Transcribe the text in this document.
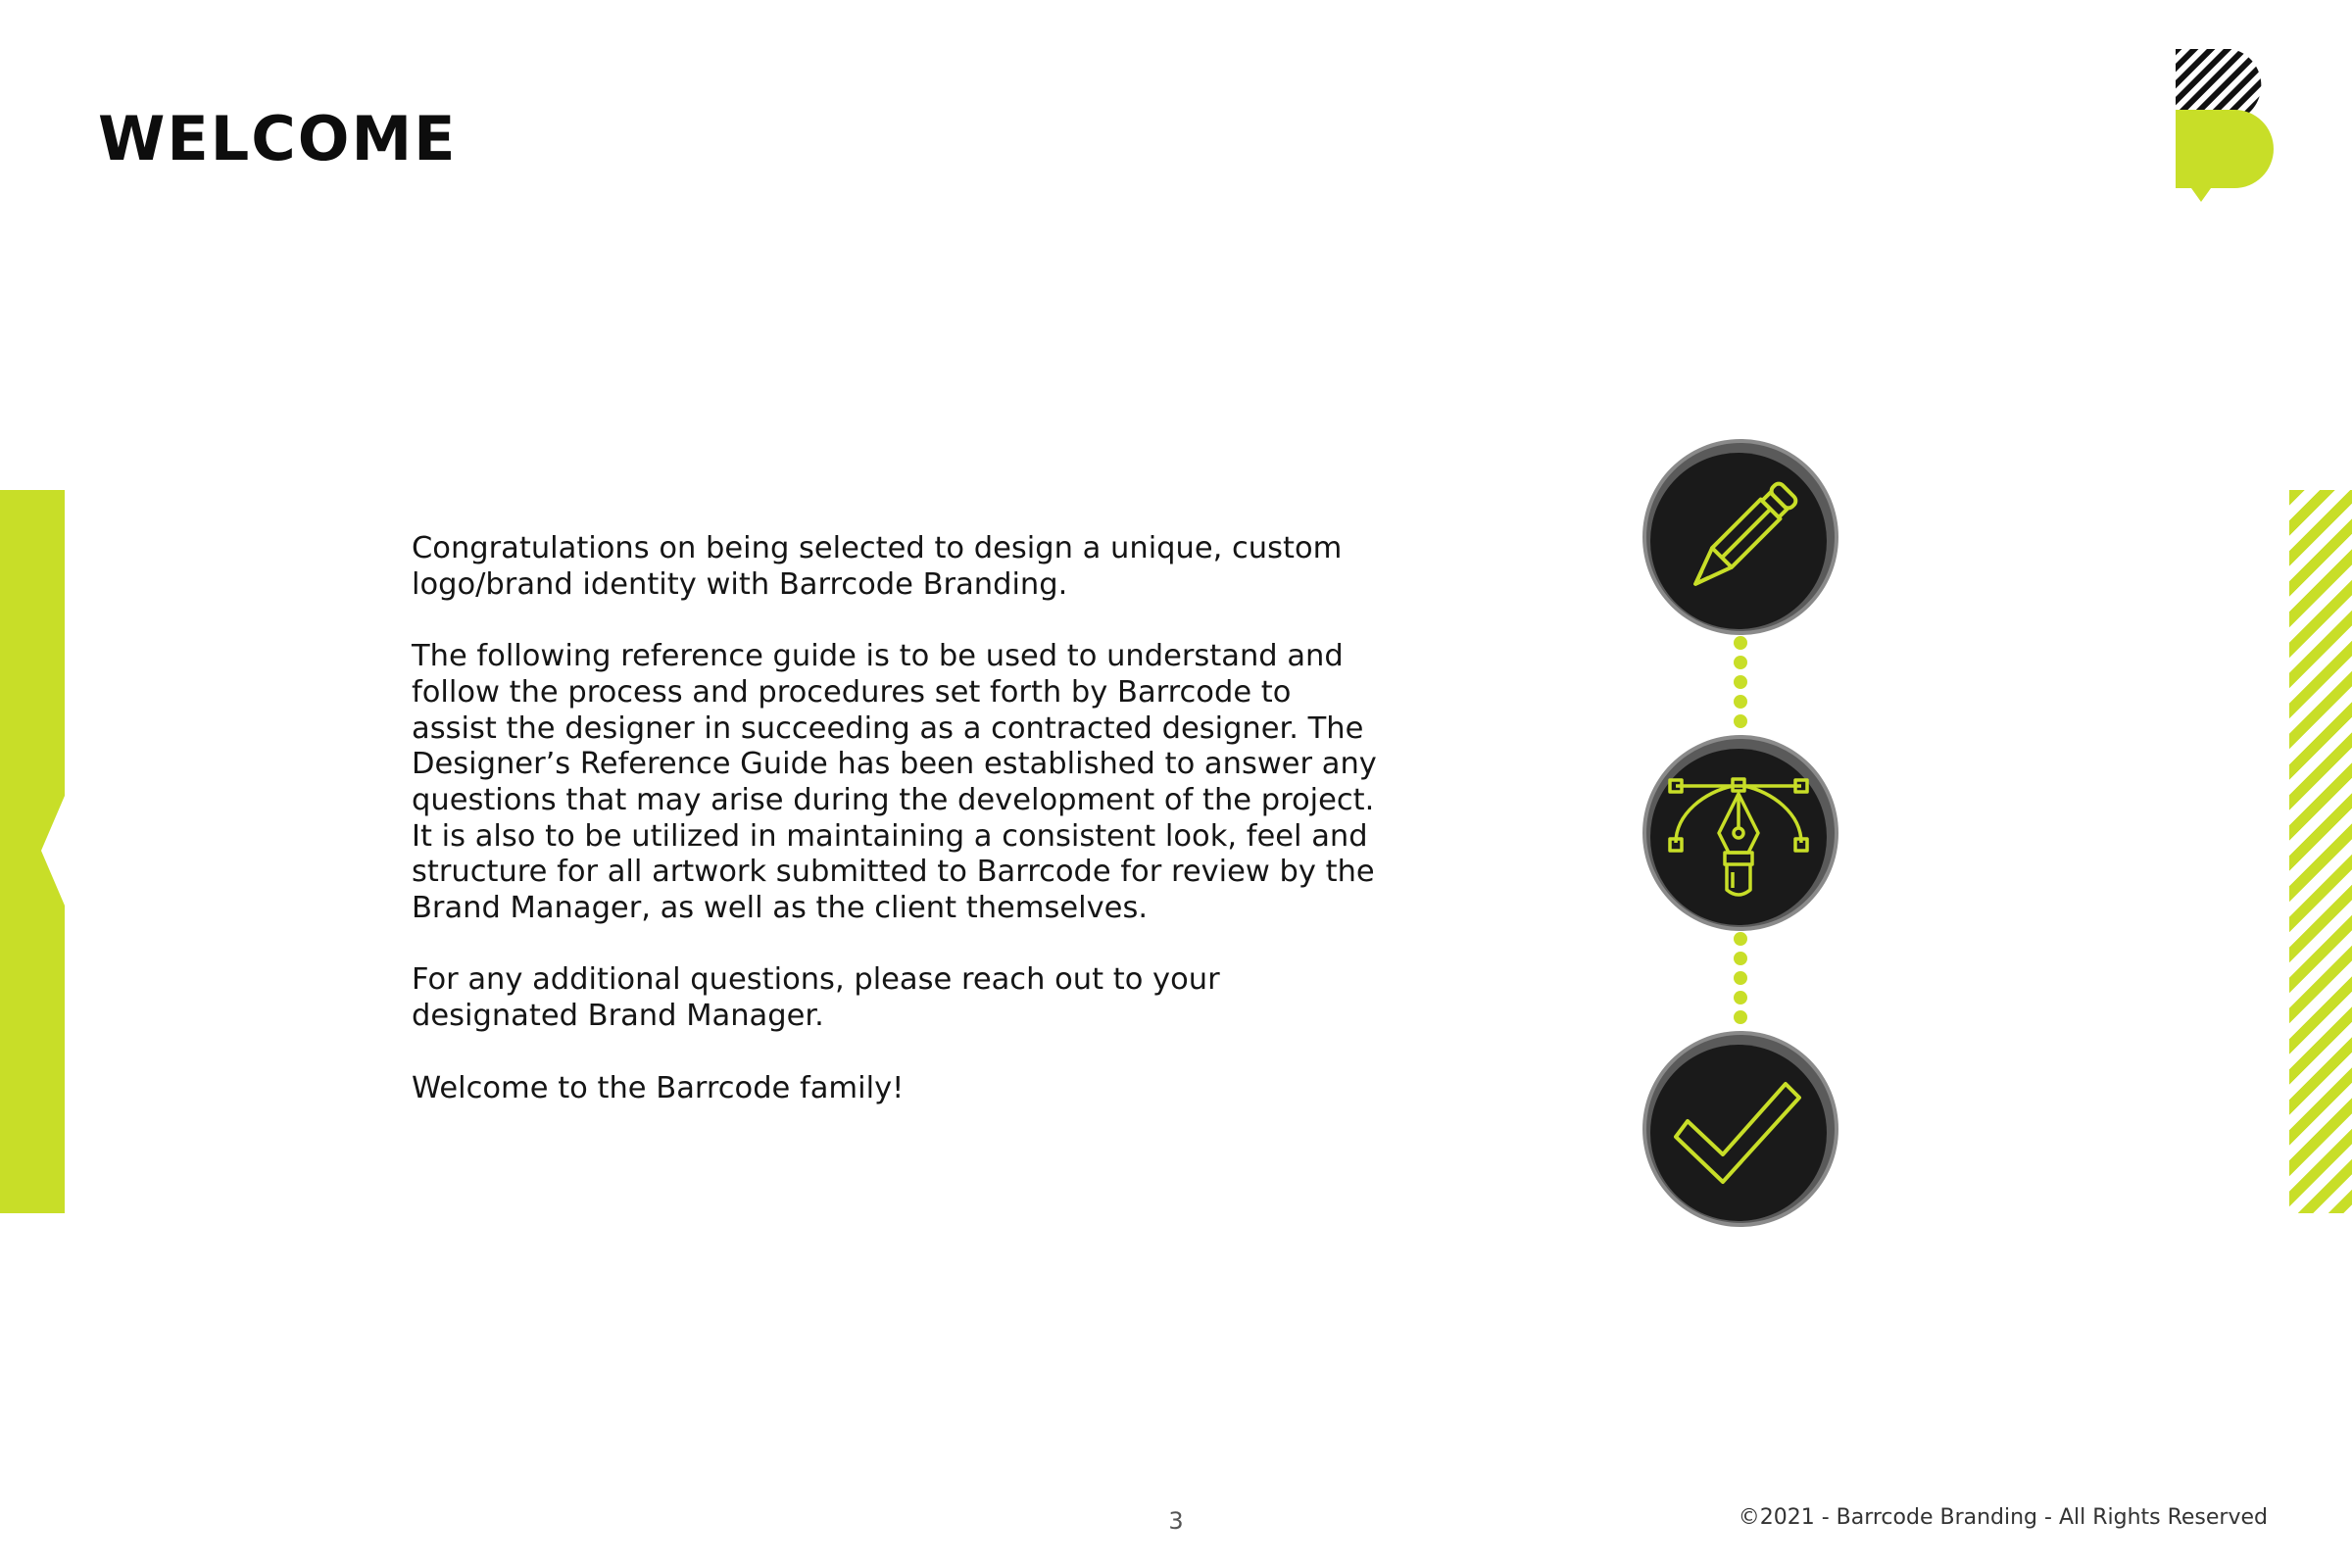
WELCOME

Congratulations on being selected to design a unique, custom
logo/brand identity with Barrcode Branding.

The following reference guide is to be used to understand and
follow the process and procedures set forth by Barrcode to
assist the designer in succeeding as a contracted designer. The
Designer’s Reference Guide has been established to answer any
questions that may arise during the development of the project.
It is also to be utilized in maintaining a consistent look, feel and
structure for all artwork submitted to Barrcode for review by the
Brand Manager, as well as the client themselves.

For any additional questions, please reach out to your
designated Brand Manager.

Welcome to the Barrcode family!

3	©2021 - Barrcode Branding - All Rights Reserved
